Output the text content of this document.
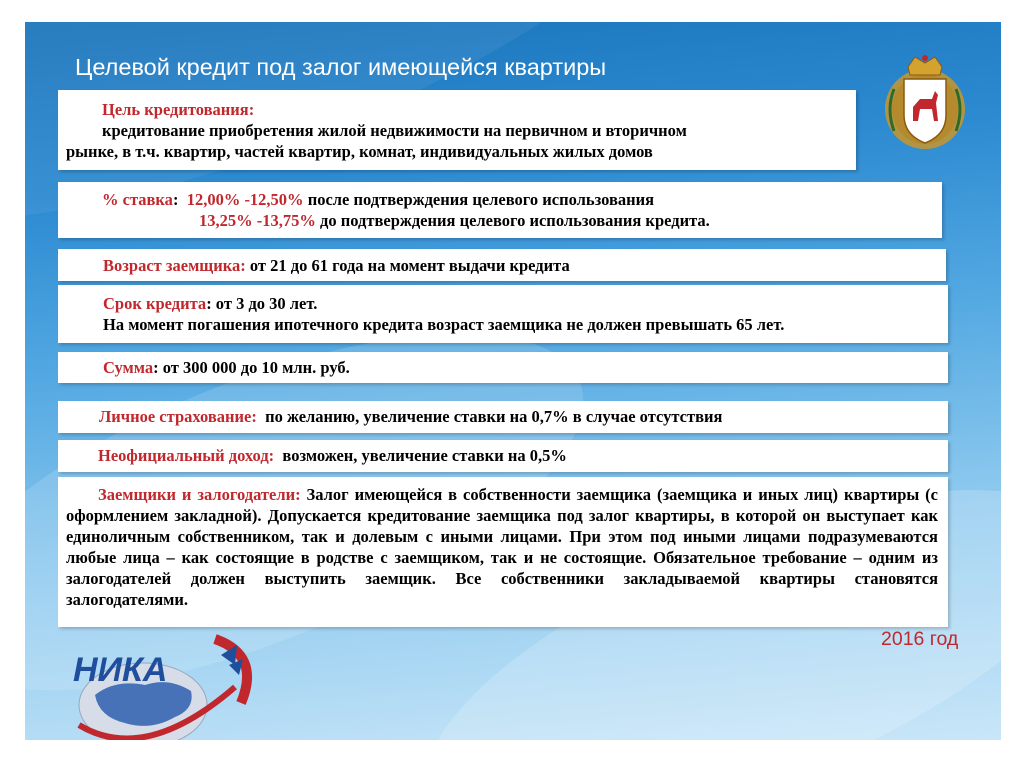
Целевой кредит под залог имеющейся квартиры
Цель кредитования:
кредитование приобретения жилой недвижимости на первичном и вторичном
рынке, в т.ч. квартир, частей квартир, комнат, индивидуальных жилых домов
% ставка: 12,00% -12,50% после подтверждения целевого использования
13,25% -13,75% до подтверждения целевого использования кредита.
Возраст заемщика: от 21 до 61 года на момент выдачи кредита
Срок кредита: от 3 до 30 лет.
На момент погашения ипотечного кредита возраст заемщика не должен превышать 65 лет.
Сумма: от 300 000 до 10 млн. руб.
Личное страхование: по желанию, увеличение ставки на 0,7% в случае отсутствия
Неофициальный доход: возможен, увеличение ставки на 0,5%
Заемщики и залогодатели: Залог имеющейся в собственности заемщика (заемщика и иных лиц) квартиры (с оформлением закладной). Допускается кредитование заемщика под залог квартиры, в которой он выступает как единоличным собственником, так и долевым с иными лицами. При этом под иными лицами подразумеваются любые лица – как состоящие в родстве с заемщиком, так и не состоящие. Обязательное требование – одним из залогодателей должен выступить заемщик. Все собственники закладываемой квартиры становятся залогодателями.
2016 год
НИКА
